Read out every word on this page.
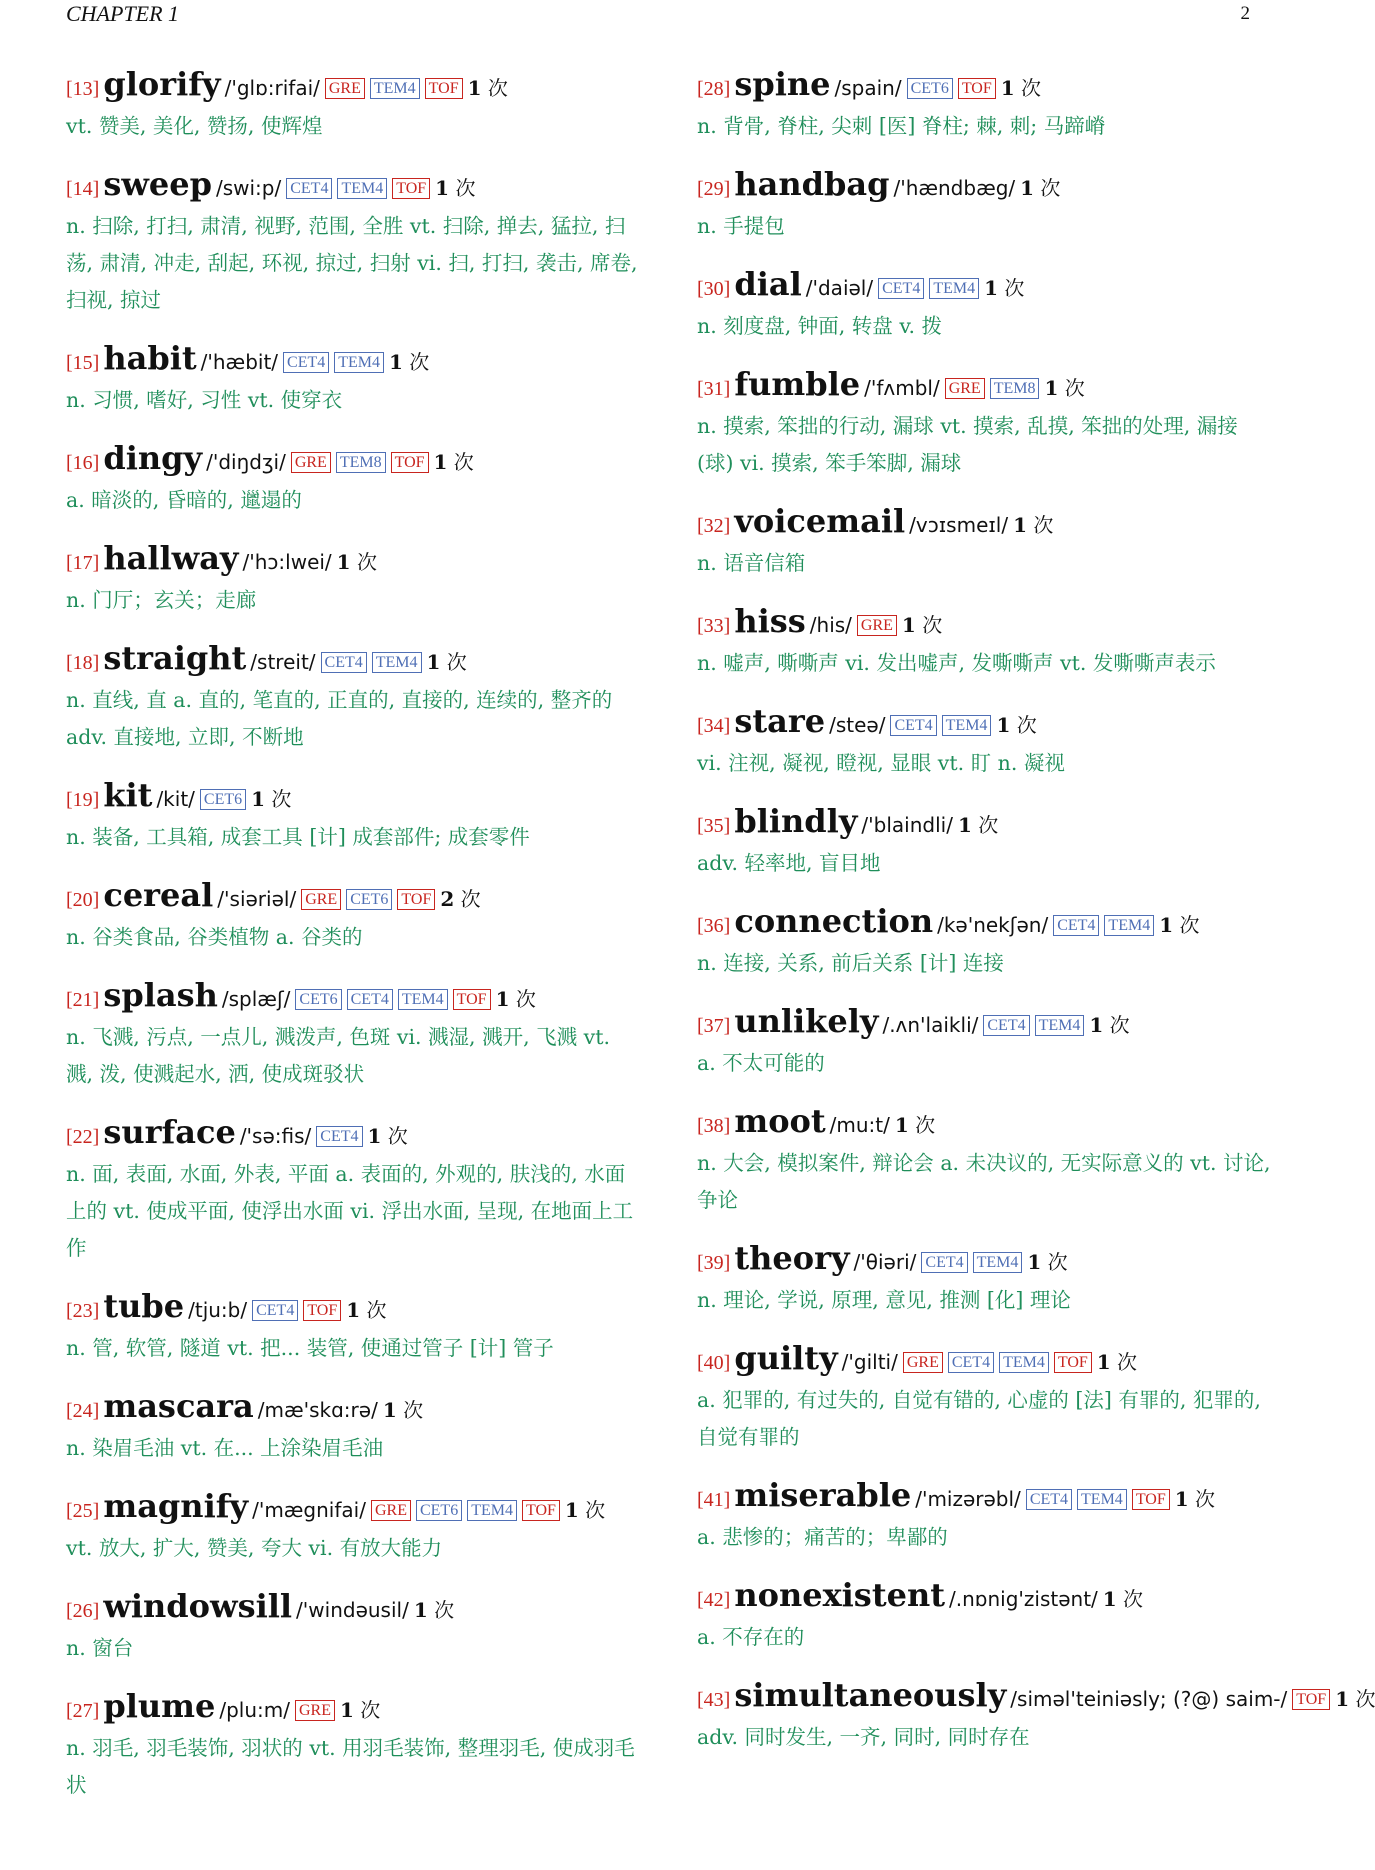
CHAPTER 1	2
[13] glorify /'glɒ:rifai/ GRE TEM4 TOF 1 次
vt. 赞美, 美化, 赞扬, 使辉煌
[14] sweep /swi:p/ CET4 TEM4 TOF 1 次
n. 扫除, 打扫, 肃清, 视野, 范围, 全胜 vt. 扫除, 掸去, 猛拉, 扫荡, 肃清, 冲走, 刮起, 环视, 掠过, 扫射 vi. 扫, 打扫, 袭击, 席卷, 扫视, 掠过
[15] habit /'hæbit/ CET4 TEM4 1 次
n. 习惯, 嗜好, 习性 vt. 使穿衣
[16] dingy /'diŋdʒi/ GRE TEM8 TOF 1 次
a. 暗淡的, 昏暗的, 邋遢的
[17] hallway /'hɔ:lwei/ 1 次
n. 门厅；玄关；走廊
[18] straight /streit/ CET4 TEM4 1 次
n. 直线, 直 a. 直的, 笔直的, 正直的, 直接的, 连续的, 整齐的 adv. 直接地, 立即, 不断地
[19] kit /kit/ CET6 1 次
n. 装备, 工具箱, 成套工具 [计] 成套部件; 成套零件
[20] cereal /'siəriəl/ GRE CET6 TOF 2 次
n. 谷类食品, 谷类植物 a. 谷类的
[21] splash /splæʃ/ CET6 CET4 TEM4 TOF 1 次
n. 飞溅, 污点, 一点儿, 溅泼声, 色斑 vi. 溅湿, 溅开, 飞溅 vt. 溅, 泼, 使溅起水, 洒, 使成斑驳状
[22] surface /'sə:fis/ CET4 1 次
n. 面, 表面, 水面, 外表, 平面 a. 表面的, 外观的, 肤浅的, 水面上的 vt. 使成平面, 使浮出水面 vi. 浮出水面, 呈现, 在地面上工作
[23] tube /tju:b/ CET4 TOF 1 次
n. 管, 软管, 隧道 vt. 把... 装管, 使通过管子 [计] 管子
[24] mascara /mæ'skɑ:rə/ 1 次
n. 染眉毛油 vt. 在... 上涂染眉毛油
[25] magnify /'mægnifai/ GRE CET6 TEM4 TOF 1 次
vt. 放大, 扩大, 赞美, 夸大 vi. 有放大能力
[26] windowsill /'windəusil/ 1 次
n. 窗台
[27] plume /plu:m/ GRE 1 次
n. 羽毛, 羽毛装饰, 羽状的 vt. 用羽毛装饰, 整理羽毛, 使成羽毛状
[28] spine /spain/ CET6 TOF 1 次
n. 背骨, 脊柱, 尖刺 [医] 脊柱; 棘, 刺; 马蹄嵴
[29] handbag /'hændbæg/ 1 次
n. 手提包
[30] dial /'daiəl/ CET4 TEM4 1 次
n. 刻度盘, 钟面, 转盘 v. 拨
[31] fumble /'fʌmbl/ GRE TEM8 1 次
n. 摸索, 笨拙的行动, 漏球 vt. 摸索, 乱摸, 笨拙的处理, 漏接 (球) vi. 摸索, 笨手笨脚, 漏球
[32] voicemail /vɔɪsmeɪl/ 1 次
n. 语音信箱
[33] hiss /his/ GRE 1 次
n. 嘘声, 嘶嘶声 vi. 发出嘘声, 发嘶嘶声 vt. 发嘶嘶声表示
[34] stare /steə/ CET4 TEM4 1 次
vi. 注视, 凝视, 瞪视, 显眼 vt. 盯 n. 凝视
[35] blindly /'blaindli/ 1 次
adv. 轻率地, 盲目地
[36] connection /kə'nekʃən/ CET4 TEM4 1 次
n. 连接, 关系, 前后关系 [计] 连接
[37] unlikely /.ʌn'laikli/ CET4 TEM4 1 次
a. 不太可能的
[38] moot /mu:t/ 1 次
n. 大会, 模拟案件, 辩论会 a. 未决议的, 无实际意义的 vt. 讨论, 争论
[39] theory /'θiəri/ CET4 TEM4 1 次
n. 理论, 学说, 原理, 意见, 推测 [化] 理论
[40] guilty /'gilti/ GRE CET4 TEM4 TOF 1 次
a. 犯罪的, 有过失的, 自觉有错的, 心虚的 [法] 有罪的, 犯罪的, 自觉有罪的
[41] miserable /'mizərəbl/ CET4 TEM4 TOF 1 次
a. 悲惨的；痛苦的；卑鄙的
[42] nonexistent /.nɒnig'zistənt/ 1 次
a. 不存在的
[43] simultaneously /siməl'teiniəsly; (?@) saim-/ TOF 1 次
adv. 同时发生, 一齐, 同时, 同时存在
